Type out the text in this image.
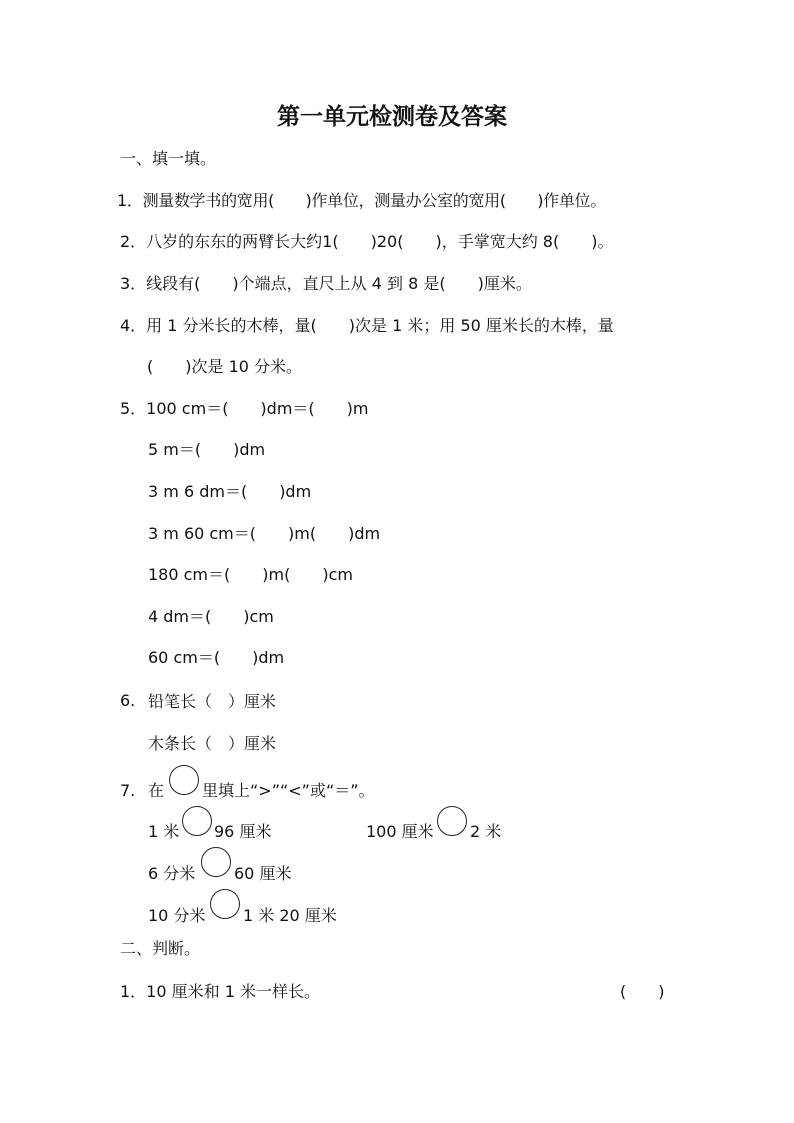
第一单元检测卷及答案
一、填一填。
1．测量数学书的宽用(　　)作单位，测量办公室的宽用(　　)作单位。
2．八岁的东东的两臂长大约1(　　)20(　　)，手掌宽大约 8(　　)。
3．线段有(　　)个端点，直尺上从 4 到 8 是(　　)厘米。
4．用 1 分米长的木棒，量(　　)次是 1 米；用 50 厘米长的木棒，量
(　　)次是 10 分米。
5．100 cm＝(　　)dm＝(　　)m
5 m＝(　　)dm
3 m 6 dm＝(　　)dm
3 m 60 cm＝(　　)m(　　)dm
180 cm＝(　　)m(　　)cm
4 dm＝(　　)cm
60 cm＝(　　)dm
6. 铅笔长（　）厘米
木条长（　）厘米
7. 在 里填上“>”“<”或“＝”。
1 米 96 厘米	100 厘米 2 米
6 分米 60 厘米
10 分米 1 米 20 厘米
二、判断。
1．10 厘米和 1 米一样长。	(　　)
